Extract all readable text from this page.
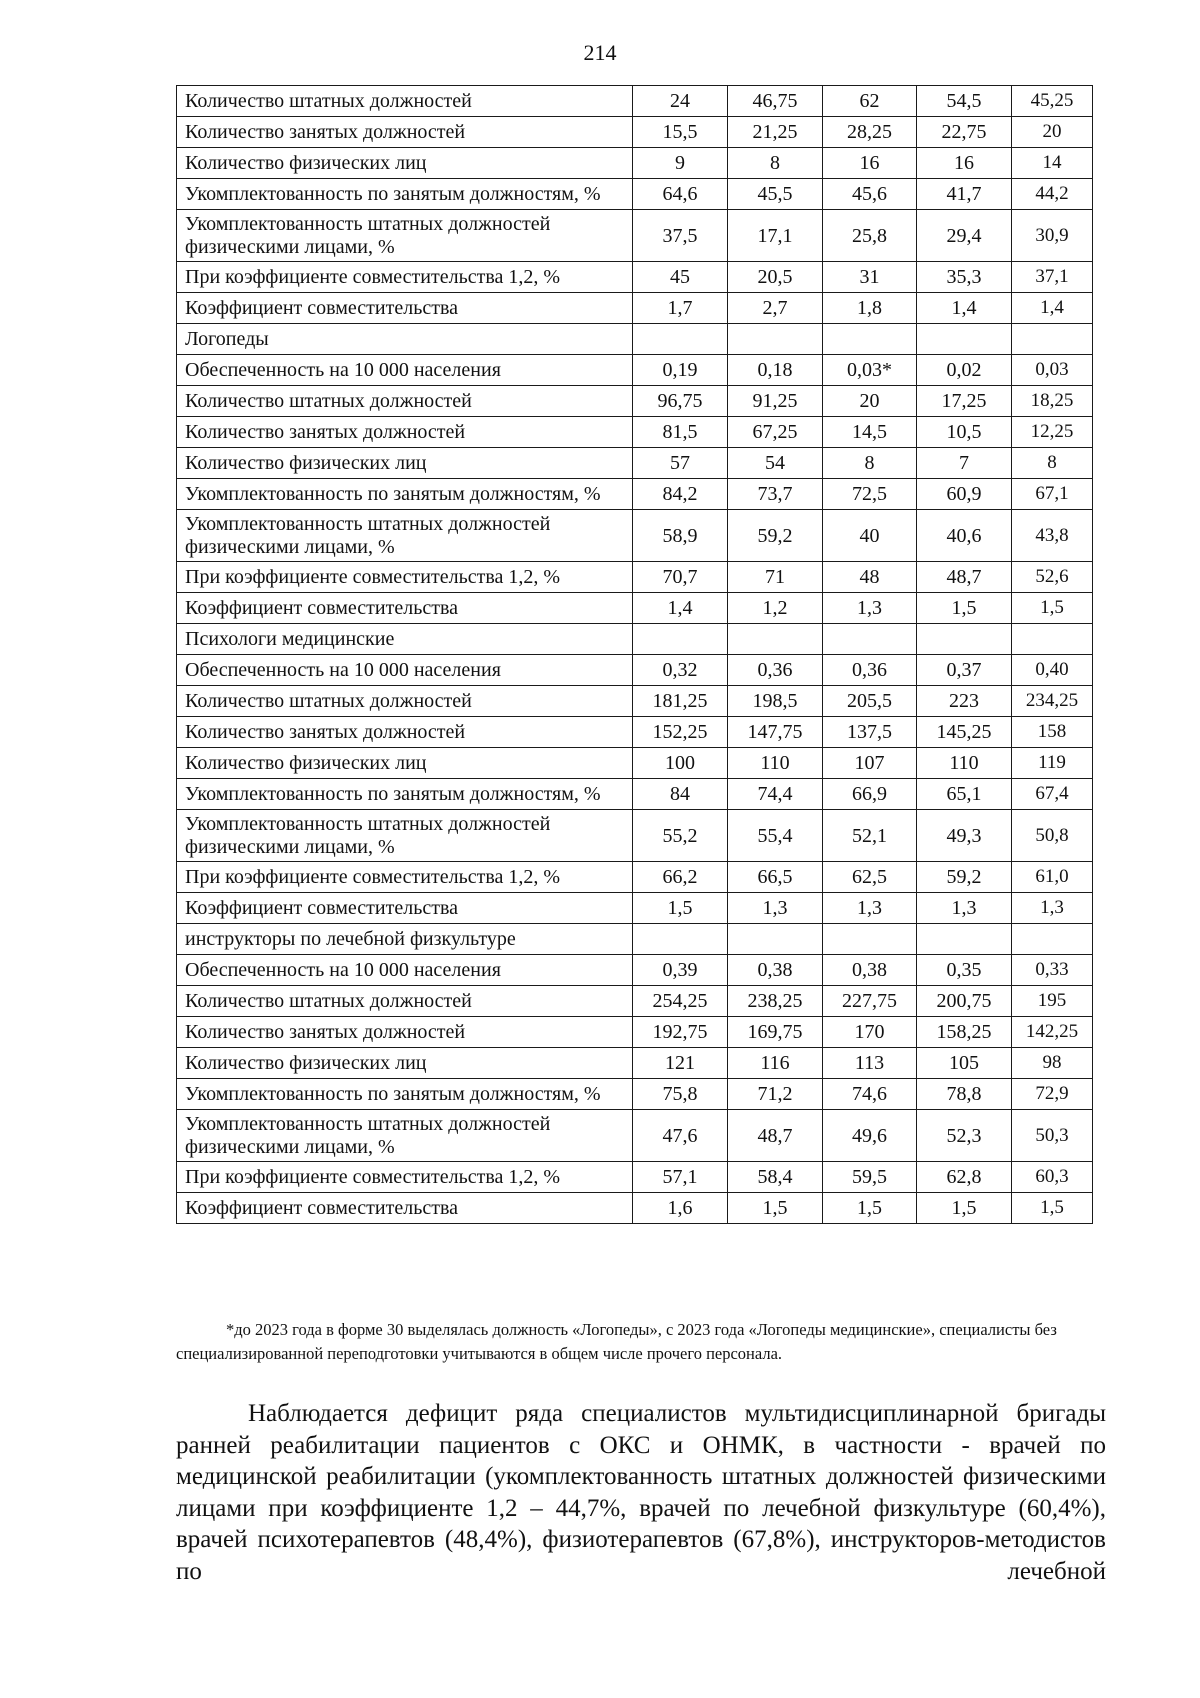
214
Количество штатных должностей	24	46,75	62	54,5	45,25
Количество занятых должностей	15,5	21,25	28,25	22,75	20
Количество физических лиц	9	8	16	16	14
Укомплектованность по занятым должностям, %	64,6	45,5	45,6	41,7	44,2
Укомплектованность штатных должностей физическими лицами, %	37,5	17,1	25,8	29,4	30,9
При коэффициенте совместительства 1,2, %	45	20,5	31	35,3	37,1
Коэффициент совместительства	1,7	2,7	1,8	1,4	1,4
Логопеды					
Обеспеченность на 10 000 населения	0,19	0,18	0,03*	0,02	0,03
Количество штатных должностей	96,75	91,25	20	17,25	18,25
Количество занятых должностей	81,5	67,25	14,5	10,5	12,25
Количество физических лиц	57	54	8	7	8
Укомплектованность по занятым должностям, %	84,2	73,7	72,5	60,9	67,1
Укомплектованность штатных должностей физическими лицами, %	58,9	59,2	40	40,6	43,8
При коэффициенте совместительства 1,2, %	70,7	71	48	48,7	52,6
Коэффициент совместительства	1,4	1,2	1,3	1,5	1,5
Психологи медицинские					
Обеспеченность на 10 000 населения	0,32	0,36	0,36	0,37	0,40
Количество штатных должностей	181,25	198,5	205,5	223	234,25
Количество занятых должностей	152,25	147,75	137,5	145,25	158
Количество физических лиц	100	110	107	110	119
Укомплектованность по занятым должностям, %	84	74,4	66,9	65,1	67,4
Укомплектованность штатных должностей физическими лицами, %	55,2	55,4	52,1	49,3	50,8
При коэффициенте совместительства 1,2, %	66,2	66,5	62,5	59,2	61,0
Коэффициент совместительства	1,5	1,3	1,3	1,3	1,3
инструкторы по лечебной физкультуре					
Обеспеченность на 10 000 населения	0,39	0,38	0,38	0,35	0,33
Количество штатных должностей	254,25	238,25	227,75	200,75	195
Количество занятых должностей	192,75	169,75	170	158,25	142,25
Количество физических лиц	121	116	113	105	98
Укомплектованность по занятым должностям, %	75,8	71,2	74,6	78,8	72,9
Укомплектованность штатных должностей физическими лицами, %	47,6	48,7	49,6	52,3	50,3
При коэффициенте совместительства 1,2, %	57,1	58,4	59,5	62,8	60,3
Коэффициент совместительства	1,6	1,5	1,5	1,5	1,5
*до 2023 года в форме 30 выделялась должность «Логопеды», с 2023 года «Логопеды медицинские», специалисты без специализированной переподготовки учитываются в общем числе прочего персонала.

Наблюдается дефицит ряда специалистов мультидисциплинарной бригады ранней реабилитации пациентов с ОКС и ОНМК, в частности - врачей по медицинской реабилитации (укомплектованность штатных должностей физическими лицами при коэффициенте 1,2 – 44,7%, врачей по лечебной физкультуре (60,4%), врачей психотерапевтов (48,4%), физиотерапевтов (67,8%), инструкторов-методистов по лечебной
